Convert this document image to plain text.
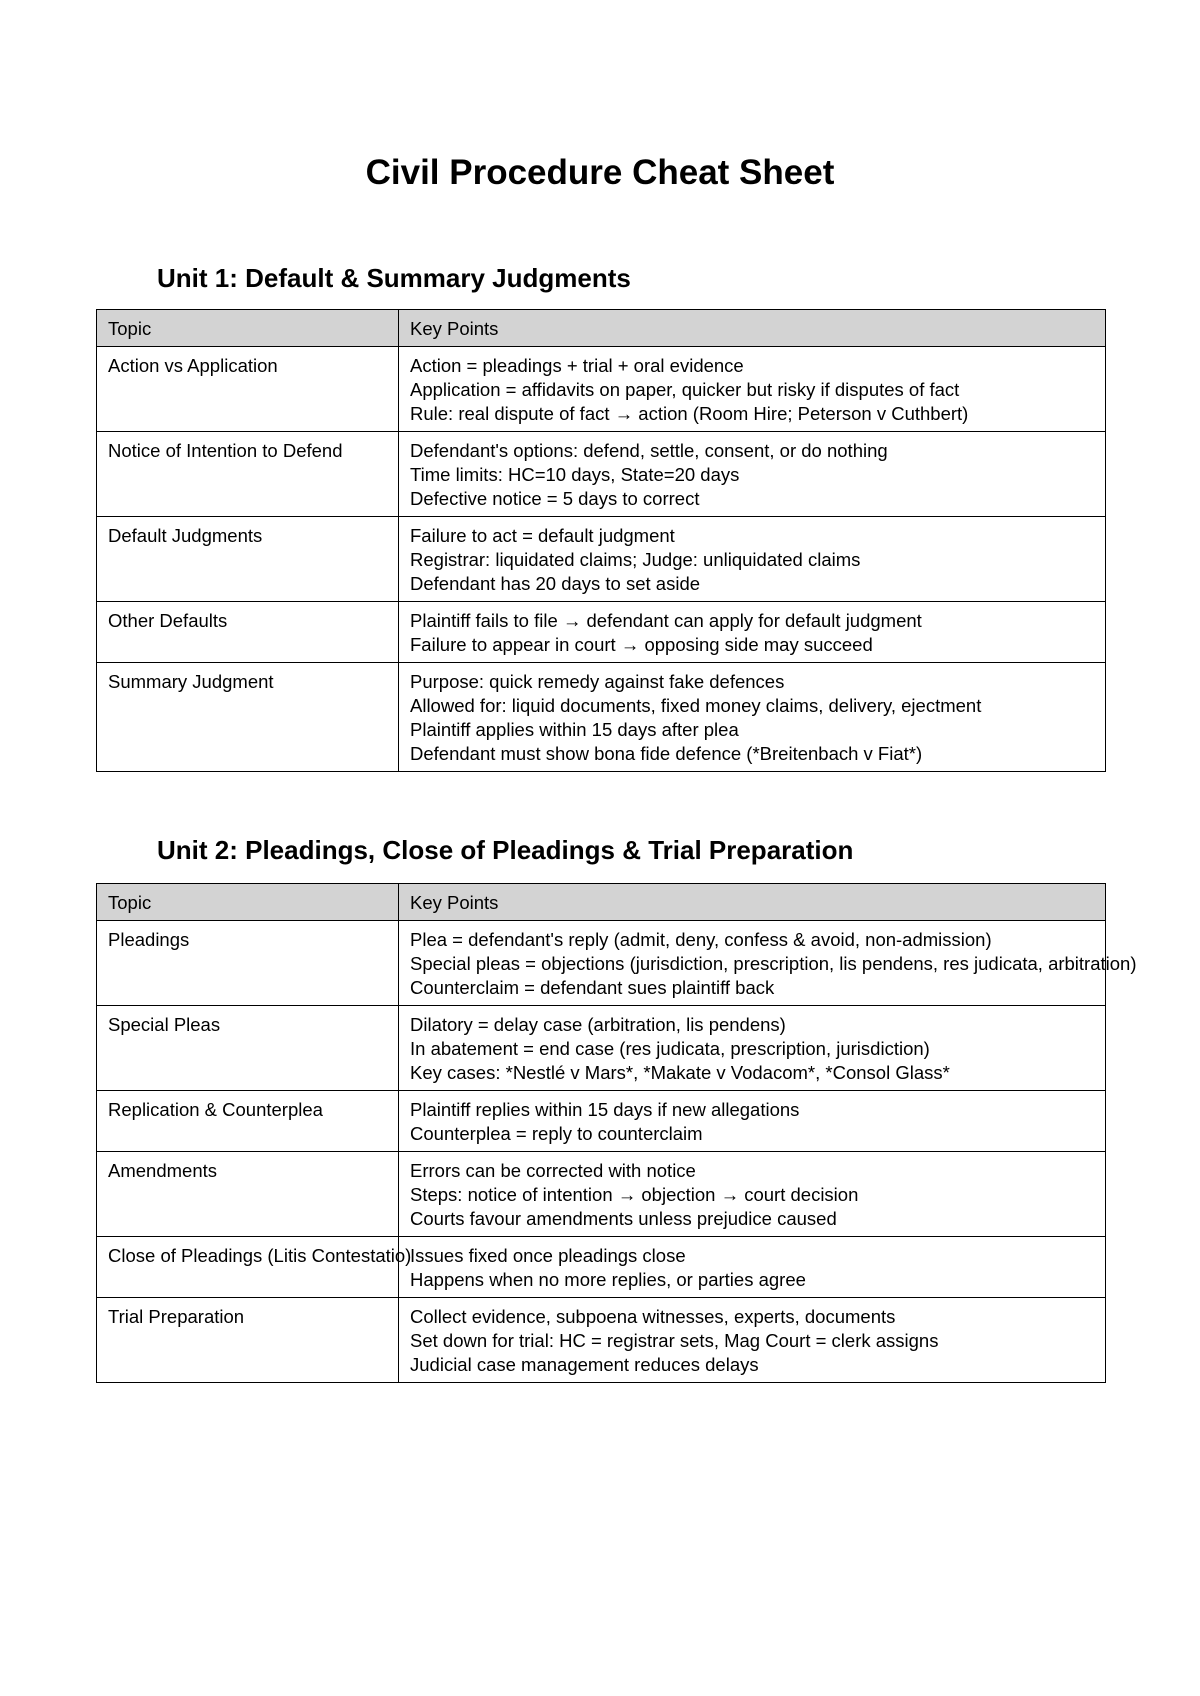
Civil Procedure Cheat Sheet
Unit 1: Default & Summary Judgments
Topic	Key Points

Action vs Application	Action = pleadings + trial + oral evidence
Application = affidavits on paper, quicker but risky if disputes of fact
Rule: real dispute of fact → action (Room Hire; Peterson v Cuthbert)

Notice of Intention to Defend	Defendant's options: defend, settle, consent, or do nothing
Time limits: HC=10 days, State=20 days
Defective notice = 5 days to correct

Default Judgments	Failure to act = default judgment
Registrar: liquidated claims; Judge: unliquidated claims
Defendant has 20 days to set aside

Other Defaults	Plaintiff fails to file → defendant can apply for default judgment
Failure to appear in court → opposing side may succeed

Summary Judgment	Purpose: quick remedy against fake defences
Allowed for: liquid documents, fixed money claims, delivery, ejectment
Plaintiff applies within 15 days after plea
Defendant must show bona fide defence (*Breitenbach v Fiat*)
Unit 2: Pleadings, Close of Pleadings & Trial Preparation
Topic	Key Points

Pleadings	Plea = defendant's reply (admit, deny, confess & avoid, non-admission)
Special pleas = objections (jurisdiction, prescription, lis pendens, res judicata, arbitration)
Counterclaim = defendant sues plaintiff back

Special Pleas	Dilatory = delay case (arbitration, lis pendens)
In abatement = end case (res judicata, prescription, jurisdiction)
Key cases: *Nestlé v Mars*, *Makate v Vodacom*, *Consol Glass*

Replication & Counterplea	Plaintiff replies within 15 days if new allegations
Counterplea = reply to counterclaim

Amendments	Errors can be corrected with notice
Steps: notice of intention → objection → court decision
Courts favour amendments unless prejudice caused

Close of Pleadings (Litis Contestatio)	Issues fixed once pleadings close
Happens when no more replies, or parties agree

Trial Preparation	Collect evidence, subpoena witnesses, experts, documents
Set down for trial: HC = registrar sets, Mag Court = clerk assigns
Judicial case management reduces delays
